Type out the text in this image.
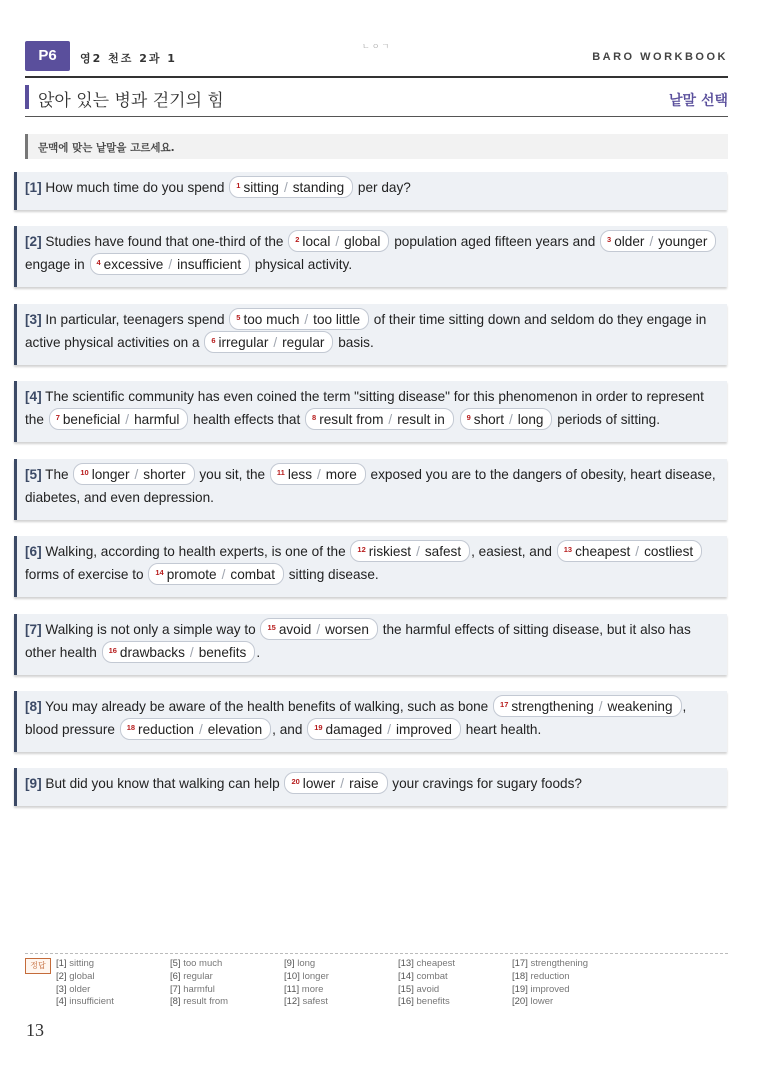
P6	영2 천조 2과 1
ㄴㅇㄱ
BARO WORKBOOK
앉아 있는 병과 걷기의 힘	낱말 선택
문맥에 맞는 낱말을 고르세요.
[1] How much time do you spend $^1$ sitting / standing per day?
[2] Studies have found that one-third of the $^2$ local / global population aged fifteen years and $^3$ older / younger engage in $^4$ excessive / insufficient physical activity.
[3] In particular, teenagers spend $^5$ too much / too little of their time sitting down and seldom do they engage in active physical activities on a $^6$ irregular / regular basis.
[4] The scientific community has even coined the term "sitting disease" for this phenomenon in order to represent the $^7$ beneficial / harmful health effects that $^8$ result from / result in	$^9$ short / long periods of sitting.
[5] The $^{10}$ longer / shorter you sit, the $^{11}$ less / more exposed you are to the dangers of obesity, heart disease, diabetes, and even depression.
[6] Walking, according to health experts, is one of the $^{12}$ riskiest / safest , easiest, and $^{13}$ cheapest / costliest forms of exercise to $^{14}$ promote / combat sitting disease.
[7] Walking is not only a simple way to $^{15}$ avoid / worsen the harmful effects of sitting disease, but it also has other health $^{16}$ drawbacks / benefits .
[8] You may already be aware of the health benefits of walking, such as bone $^{17}$ strengthening / weakening , blood pressure $^{18}$ reduction / elevation , and $^{19}$ damaged / improved heart health.
[9] But did you know that walking can help $^{20}$ lower / raise your cravings for sugary foods?
정답	[1] sitting
[2] global
[3] older
[4] insufficient
[5] too much
[6] regular
[7] harmful
[8] result from
[9] long
[10] longer
[11] more
[12] safest
[13] cheapest
[14] combat
[15] avoid
[16] benefits
[17] strengthening
[18] reduction
[19] improved
[20] lower
13
